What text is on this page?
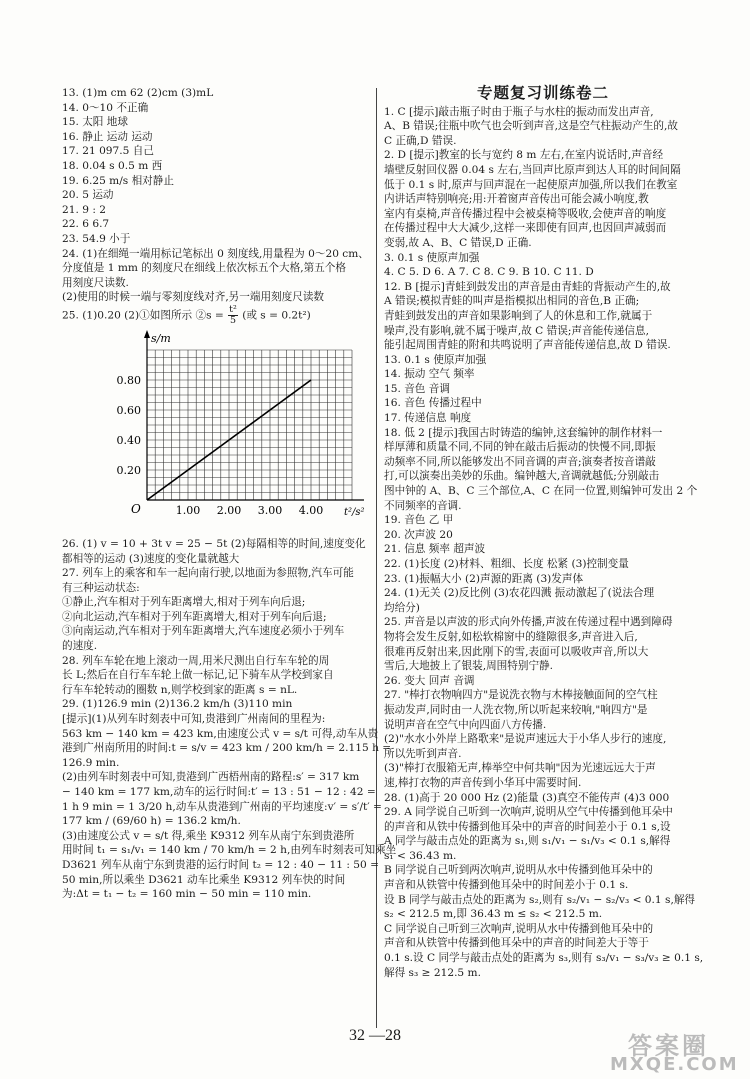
13. (1)m cm 62 (2)cm (3)mL
14. 0～10 不正确
15. 太阳 地球
16. 静止 运动 运动
17. 21 097.5 自己
18. 0.04 s 0.5 m 西
19. 6.25 m/s 相对静止
20. 5 运动
21. 9 : 2
22. 6 6.7
23. 54.9 小于
24. (1)在细绳一端用标记笔标出 0 刻度线,用量程为 0～20 cm、
分度值是 1 mm 的刻度尺在细线上依次标五个大格,第五个格
用刻度尺读数.
(2)使用的时候一端与零刻度线对齐,另一端用刻度尺读数
25. (1)0.20 (2)①如图所示 ②s = $\frac{\text{t²}}{5}$ (或 s = 0.2t²)
s/m
O	1.00 2.00 3.00 4.00 t²/s²
0.20
0.40
0.60
0.80
26. (1) v = 10 + 3t v = 25 − 5t (2)每隔相等的时间,速度变化
都相等的运动 (3)速度的变化量就越大
27. 列车上的乘客和车一起向南行驶,以地面为参照物,汽车可能
有三种运动状态:
①静止,汽车相对于列车距离增大,相对于列车向后退;
②向北运动,汽车相对于列车距离增大,相对于列车向后退;
③向南运动,汽车相对于列车距离增大,汽车速度必须小于列车
的速度.
28. 列车车轮在地上滚动一周,用米尺测出自行车车轮的周
长 L;然后在自行车车轮上做一标记,记下骑车从学校到家自
行车车轮转动的圈数 n,则学校到家的距离 s = nL.
29. (1)126.9 min (2)136.2 km/h (3)110 min
[提示](1)从列车时刻表中可知,贵港到广州南间的里程为:
563 km − 140 km = 423 km,由速度公式 v = s/t 可得,动车从贵
港到广州南所用的时间:t = s/v = 423 km / 200 km/h = 2.115 h =
126.9 min.
(2)由列车时刻表中可知,贵港到广西梧州南的路程:s′ = 317 km
− 140 km = 177 km,动车的运行时间:t′ = 13 : 51 − 12 : 42 =
1 h 9 min = 1 3/20 h,动车从贵港到广州南的平均速度:v′ = s′/t′ =
177 km / (69/60 h) = 136.2 km/h.
(3)由速度公式 v = s/t 得,乘坐 K9312 列车从南宁东到贵港所
用时间 t₁ = s₁/v₁ = 140 km / 70 km/h = 2 h,由列车时刻表可知乘坐
D3621 列车从南宁东到贵港的运行时间 t₂ = 12 : 40 − 11 : 50 =
50 min,所以乘坐 D3621 动车比乘坐 K9312 列车快的时间
为:Δt = t₁ − t₂ = 160 min − 50 min = 110 min.
专题复习训练卷二
1. C [提示]敲击瓶子时由于瓶子与水柱的振动而发出声音,
A、B 错误;往瓶中吹气也会听到声音,这是空气柱振动产生的,故
C 正确,D 错误.
2. D [提示]教室的长与宽约 8 m 左右,在室内说话时,声音经
墙壁反射回仪器 0.04 s 左右,当回声比原声到达人耳的时间间隔
低于 0.1 s 时,原声与回声混在一起使原声加强,所以我们在教室
内讲话声特别响亮;用:开着窗声音传出可能会减小响度,教
室内有桌椅,声音传播过程中会被桌椅等吸收,会使声音的响度
在传播过程中大大减少,这样一来即使有回声,也因回声减弱而
变弱,故 A、B、C 错误,D 正确.
3. 0.1 s 使原声加强
4. C 5. D 6. A 7. C 8. C 9. B 10. C 11. D
12. B [提示]青蛙到鼓发出的声音是由青蛙的背振动产生的,故
A 错误;模拟青蛙的叫声是指模拟出相同的音色,B 正确;
青蛙到鼓发出的声音如果影响到了人的休息和工作,就属于
噪声,没有影响,就不属于噪声,故 C 错误;声音能传递信息,
能引起周围青蛙的附和共鸣说明了声音能传递信息,故 D 错误.
13. 0.1 s 使原声加强
14. 振动 空气 频率
15. 音色 音调
16. 音色 传播过程中
17. 传递信息 响度
18. 低 2 [提示]我国古时铸造的编钟,这套编钟的制作材料一
样厚薄和质量不同,不同的钟在敲击后振动的快慢不同,即振
动频率不同,所以能够发出不同音调的声音;演奏者按音谱敲
打,可以演奏出美妙的乐曲。编钟越大,音调就越低;分别敲击
图中钟的 A、B、C 三个部位,A、C 在同一位置,则编钟可发出 2 个
不同频率的音调.
19. 音色 乙 甲
20. 次声波 20
21. 信息 频率 超声波
22. (1)长度 (2)材料、粗细、长度 松紧 (3)控制变量
23. (1)振幅大小 (2)声源的距离 (3)发声体
24. (1)无关 (2)反比例 (3)农花四溅 振动激起了(说法合理
均给分)
25. 声音是以声波的形式向外传播,声波在传递过程中遇到障碍
物将会发生反射,如松软棉窗中的缝隙很多,声音进入后,
很难再反射出来,因此刚下的雪,表面可以吸收声音,所以大
雪后,大地披上了银装,周围特别宁静.
26. 变大 回声 音调
27. "棒打衣物响四方"是说洗衣物与木棒接触面间的空气柱
振动发声,同时由一人洗衣物,所以听起来较响,"响四方"是
说明声音在空气中向四面八方传播.
(2)"水水小外岸上路歌来"是说声速远大于小华人步行的速度,
所以先听到声音.
(3)"棒打衣服箱无声,棒举空中何共响"因为光速远远大于声
速,棒打衣物的声音传到小华耳中需要时间.
28. (1)高于 20 000 Hz (2)能量 (3)真空不能传声 (4)3 000
29. A 同学说自己听到一次响声,说明从空气中传播到他耳朵中
的声音和从铁中传播到他耳朵中的声音的时间差小于 0.1 s,设
A 同学与敲击点处的距离为 s₁,则 s₁/v₁ − s₁/v₃ < 0.1 s,解得
s₁ < 36.43 m.
B 同学说自己听到两次响声,说明从水中传播到他耳朵中的
声音和从铁管中传播到他耳朵中的时间差小于 0.1 s.
设 B 同学与敲击点处的距离为 s₂,则有 s₂/v₁ − s₂/v₃ < 0.1 s,解得
s₂ < 212.5 m,即 36.43 m ≤ s₂ < 212.5 m.
C 同学说自己听到三次响声,说明从水中传播到他耳朵中的
声音和从铁管中传播到他耳朵中的声音的时间差大于等于
0.1 s.设 C 同学与敲击点处的距离为 s₃,则有 s₃/v₁ − s₃/v₃ ≥ 0.1 s,
解得 s₃ ≥ 212.5 m.
32 —28	答案圈
MXQE.COM
